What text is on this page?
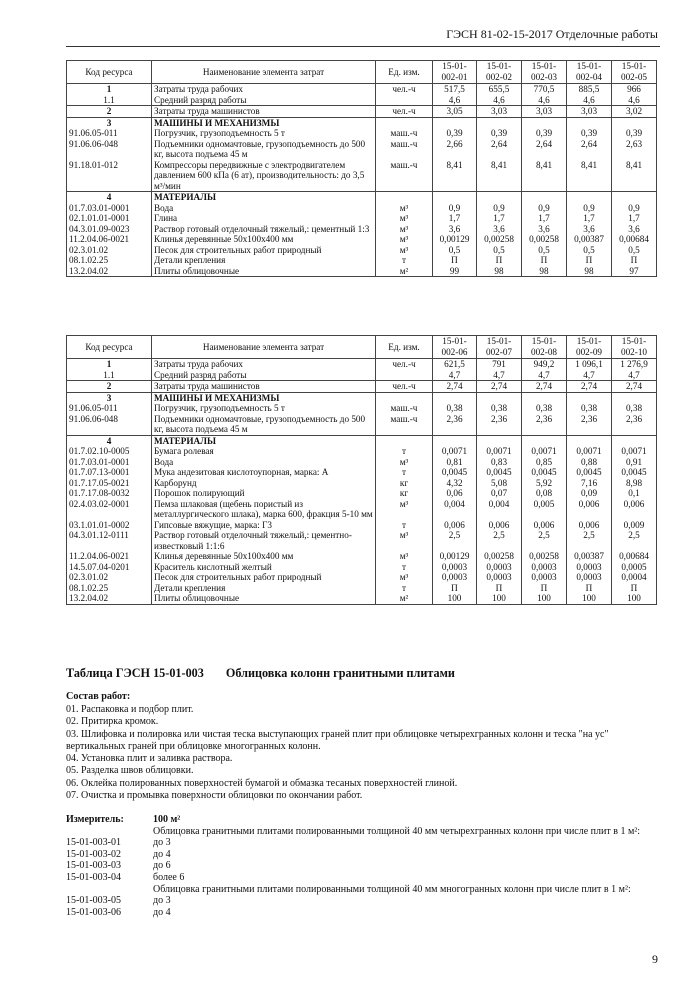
ГЭСН 81-02-15-2017 Отделочные работы
Код ресурса	Наименование элемента затрат	Ед. изм.	15-01-002-01	15-01-002-02	15-01-002-03	15-01-002-04	15-01-002-05
1	Затраты труда рабочих	чел.-ч	517,5	655,5	770,5	885,5	966
1.1	Средний разряд работы		4,6	4,6	4,6	4,6	4,6
2	Затраты труда машинистов	чел.-ч	3,05	3,03	3,03	3,03	3,02
3	МАШИНЫ И МЕХАНИЗМЫ						
91.06.05-011	Погрузчик, грузоподъемность 5 т	маш.-ч	0,39	0,39	0,39	0,39	0,39
91.06.06-048	Подъемники одномачтовые, грузоподъемность до 500 кг, высота подъема 45 м	маш.-ч	2,66	2,64	2,64	2,64	2,63
91.18.01-012	Компрессоры передвижные с электродвигателем давлением 600 кПа (6 ат), производительность: до 3,5 м³/мин	маш.-ч	8,41	8,41	8,41	8,41	8,41
4	МАТЕРИАЛЫ						
01.7.03.01-0001	Вода	м³	0,9	0,9	0,9	0,9	0,9
02.1.01.01-0001	Глина	м³	1,7	1,7	1,7	1,7	1,7
04.3.01.09-0023	Раствор готовый отделочный тяжелый,: цементный 1:3	м³	3,6	3,6	3,6	3,6	3,6
11.2.04.06-0021	Клинья деревянные 50x100x400 мм	м³	0,00129	0,00258	0,00258	0,00387	0,00684
02.3.01.02	Песок для строительных работ природный	м³	0,5	0,5	0,5	0,5	0,5
08.1.02.25	Детали крепления	т	П	П	П	П	П
13.2.04.02	Плиты облицовочные	м²	99	98	98	98	97
Код ресурса	Наименование элемента затрат	Ед. изм.	15-01-002-06	15-01-002-07	15-01-002-08	15-01-002-09	15-01-002-10
1	Затраты труда рабочих	чел.-ч	621,5	791	949,2	1 096,1	1 276,9
1.1	Средний разряд работы		4,7	4,7	4,7	4,7	4,7
2	Затраты труда машинистов	чел.-ч	2,74	2,74	2,74	2,74	2,74
3	МАШИНЫ И МЕХАНИЗМЫ						
91.06.05-011	Погрузчик, грузоподъемность 5 т	маш.-ч	0,38	0,38	0,38	0,38	0,38
91.06.06-048	Подъемники одномачтовые, грузоподъемность до 500 кг, высота подъема 45 м	маш.-ч	2,36	2,36	2,36	2,36	2,36
4	МАТЕРИАЛЫ						
01.7.02.10-0005	Бумага ролевая	т	0,0071	0,0071	0,0071	0,0071	0,0071
01.7.03.01-0001	Вода	м³	0,81	0,83	0,85	0,88	0,91
01.7.07.13-0001	Мука андезитовая кислотоупорная, марка: А	т	0,0045	0,0045	0,0045	0,0045	0,0045
01.7.17.05-0021	Карборунд	кг	4,32	5,08	5,92	7,16	8,98
01.7.17.08-0032	Порошок полирующий	кг	0,06	0,07	0,08	0,09	0,1
02.4.03.02-0001	Пемза шлаковая (щебень пористый из металлургического шлака), марка 600, фракция 5-10 мм	м³	0,004	0,004	0,005	0,006	0,006
03.1.01.01-0002	Гипсовые вяжущие, марка: Г3	т	0,006	0,006	0,006	0,006	0,009
04.3.01.12-0111	Раствор готовый отделочный тяжелый,: цементно-известковый 1:1:6	м³	2,5	2,5	2,5	2,5	2,5
11.2.04.06-0021	Клинья деревянные 50x100x400 мм	м³	0,00129	0,00258	0,00258	0,00387	0,00684
14.5.07.04-0201	Краситель кислотный желтый	т	0,0003	0,0003	0,0003	0,0003	0,0005
02.3.01.02	Песок для строительных работ природный	м³	0,0003	0,0003	0,0003	0,0003	0,0004
08.1.02.25	Детали крепления	т	П	П	П	П	П
13.2.04.02	Плиты облицовочные	м²	100	100	100	100	100
Таблица ГЭСН 15-01-003 Облицовка колонн гранитными плитами
Состав работ:
01. Распаковка и подбор плит.
02. Притирка кромок.
03. Шлифовка и полировка или чистая теска выступающих граней плит при облицовке четырехгранных колонн и теска "на ус" вертикальных граней при облицовке многогранных колонн.
04. Установка плит и заливка раствора.
05. Разделка швов облицовки.
06. Оклейка полированных поверхностей бумагой и обмазка тесаных поверхностей глиной.
07. Очистка и промывка поверхности облицовки по окончании работ.
Измеритель:	100 м²
Облицовка гранитными плитами полированными толщиной 40 мм четырехгранных колонн при числе плит в 1 м²:
15-01-003-01	до 3
15-01-003-02	до 4
15-01-003-03	до 6
15-01-003-04	более 6
Облицовка гранитными плитами полированными толщиной 40 мм многогранных колонн при числе плит в 1 м²:
15-01-003-05	до 3
15-01-003-06	до 4
9
